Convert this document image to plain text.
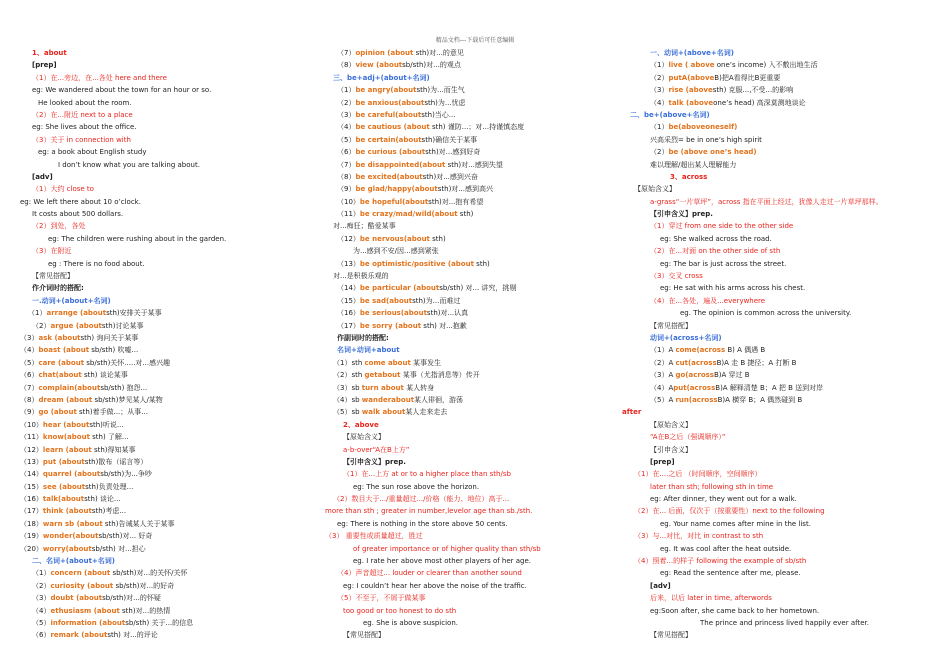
精品文档---下载后可任意编辑
1、about
[prep]
（1）在...旁边，在...各处 here and there
eg: We wandered about the town for an hour or so.
He looked about the room.
（2）在...附近 next to a place
eg: She lives about the office.
（3）关于 in connection with
eg: a book about English study
I don’t know what you are talking about.
[adv]
（1）大约 close to
eg: We left there about 10 o’clock.
It costs about 500 dollars.
（2）到处，各处
eg: The children were rushing about in the garden.
（3）在附近
eg : There is no food about.
【常见搭配】
作介词时的搭配:
一.动词+(about+名词)
（1）arrange (aboutsth)安排关于某事
（2）argue (aboutsth)讨论某事
（3）ask (aboutsth) 询问关于某事
（4）boast (about sb/sth) 吹嘘...
（5）care (about sb/sth)关怀.....对...感兴趣
（6）chat(about sth) 谈论某事
（7）complain(aboutsb/sth) 抱怨...
（8）dream (about sb/sth)梦见某人/某物
（9）go (about sth)着手做...；从事...
（10）hear (aboutsth)听说...
（11）know(about sth) 了解...
（12）learn (about sth)得知某事
（13）put (aboutsth)散布（谣言等）
（14）quarrel (aboutsb/sth)为...争吵
（15）see (aboutsth)负责处理...
（16）talk(aboutsth) 谈论...
（17）think (aboutsth)考虑...
（18）warn sb (about sth)告诫某人关于某事
（19）wonder(aboutsb/sth)对... 好奇
（20）worry(aboutsb/sth) 对...担心
二、名词+(about+名词)
（1）concern (about sb/sth)对...的关怀/关怀
（2）curiosity (about sb/sth)对...的好奇
（3）doubt (aboutsb/sth)对...的怀疑
（4）ethusiasm (about sth)对...的热情
（5）information (aboutsb/sth) 关于...的信息
（6）remark (aboutsth) 对...的评论
（7）opinion (about sth)对...的意见
（8）view (aboutsb/sth)对...的观点
三、be+adj+(about+名词)
（1）be angry(aboutsth)为...而生气
（2）be anxious(aboutsth)为...忧虑
（3）be careful(aboutsth)当心...
（4）be cautious (about sth) 谨防...；对...持谨慎态度
（5）be certain(aboutsth)确信关于某事
（6）be curious (aboutsth)对...感到好奇
（7）be disappointed(about sth)对...感到失望
（8）be excited(aboutsth)对...感到兴奋
（9）be glad/happy(aboutsth)对...感到高兴
（10）be hopeful(aboutsth)对...抱有希望
（11）be crazy/mad/wild(about sth)
对...痴狂；酷爱某事
（12）be nervous(about sth)
为...感到不安/因...感到紧张
（13）be optimistic/positive (about sth)
对...是积极乐观的
（14）be particular (aboutsb/sth) 对... 讲究，挑剔
（15）be sad(aboutsth)为...而难过
（16）be serious(aboutsth)对...认真
（17）be sorry (about sth) 对...抱歉
作副词时的搭配:
名词+动词+about
（1）sth come about 某事发生
（2）sth getabout 某事（尤指消息等）传开
（3）sb turn about 某人转身
（4）sb wanderabout某人徘徊，游荡
（5）sb walk about某人走来走去
2、above
【原始含义】
a-b-over“A在B上方”
【引申含义】prep.
（1）在...上方 at or to a higher place than sth/sb
eg: The sun rose above the horizon.
（2）数目大于.../重量超过.../价格（能力、地位）高于...
more than sth ; greater in number,levelor age than sb./sth.
eg: There is nothing in the store above 50 cents.
（3） 重要性或质量超过，胜过
of greater importance or of higher quality than sth/sb
eg. I rate her above most other players of her age.
（4）声音超过... louder or clearer than another sound
eg: I couldn’t hear her above the noise of the traffic.
（5）不至于，不屑于做某事
too good or too honest to do sth
eg. She is above suspicion.
【常见搭配】
一、动词+(above+名词)
（1）live ( above one’s income) 入不敷出地生活
（2）putA(aboveB)把A看得比B更重要
（3）rise (abovesth) 克服...,不受...的影响
（4）talk (aboveone’s head) 高深莫测地谈论
二、be+(above+名词)
（1）be(aboveoneself)
兴高采烈= be in one’s high spirit
（2）be (above one’s head)
难以理解/超出某人理解能力
3、across
【原始含义】
a-grass“一片草坪”，across 指在平面上经过，犹像人走过一片草坪那样。
【引申含义】prep.
（1）穿过 from one side to the other side
eg: She walked across the road.
（2）在...对面 on the other side of sth
eg: The bar is just across the street.
（3）交叉 cross
eg: He sat with his arms across his chest.
（4）在...各处，遍及...everywhere
eg. The opinion is common across the university.
【常见搭配】
动词+(across+名词)
（1）A come(across B) A 偶遇 B
（2）A cut(acrossB)A 走 B 捷径；A 打断 B
（3）A go(acrossB)A 穿过 B
（4）Aput(acrossB)A 解释清楚 B；A 把 B 送到对岸
（5）A run(acrossB)A 横穿 B；A 偶然碰到 B
after
【原始含义】
“A在B之后（强调顺序）”
【引申含义】
[prep]
（1）在....之后 （时间顺序，空间顺序）
later than sth; following sth in time
eg: After dinner, they went out for a walk.
（2）在... 后面，仅次于（按重要性）next to the following
eg. Your name comes after mine in the list.
（3）与...对比，对比 in contrast to sth
eg. It was cool after the heat outside.
（4）照着...的样子 following the example of sb/sth
eg: Read the sentence after me, please.
[adv]
后来，以后 later in time, afterwords
eg:Soon after, she came back to her hometown.
The prince and princess lived happily ever after.
【常见搭配】
